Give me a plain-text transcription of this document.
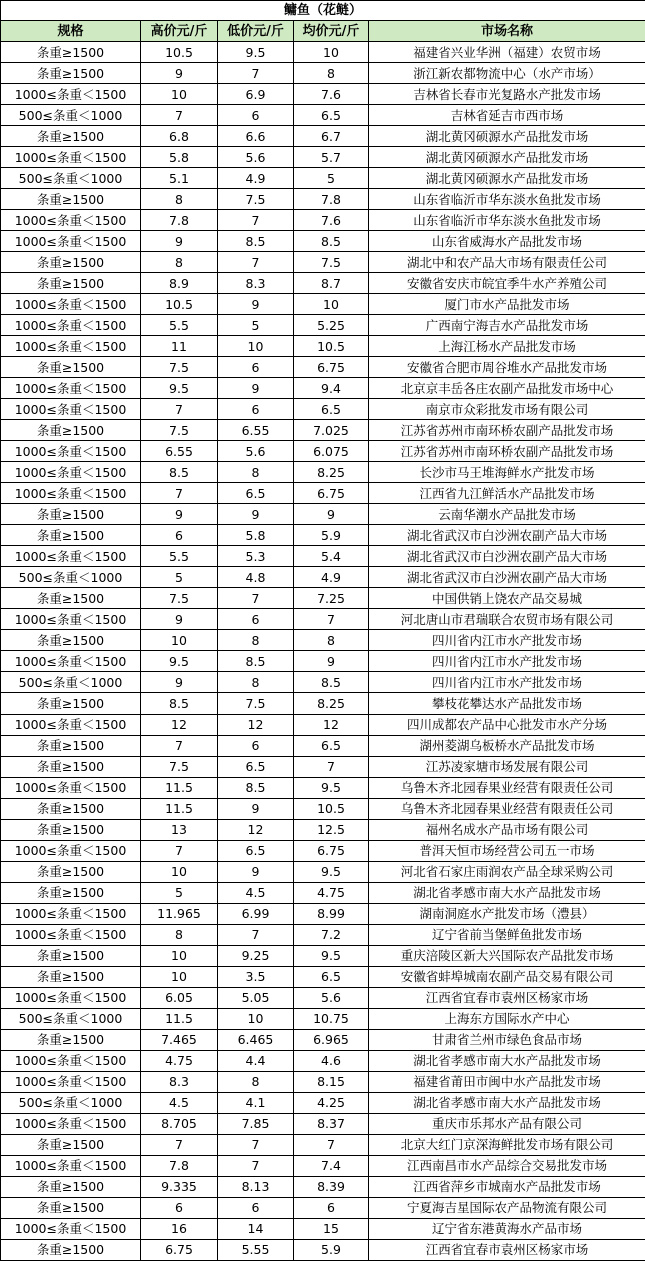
鳙鱼（花鲢）				
规格	高价元/斤	低价元/斤	均价元/斤	市场名称
条重≥1500	10.5	9.5	10	福建省兴业华洲（福建）农贸市场
条重≥1500	9	7	8	浙江新农都物流中心（水产市场）
1000≤条重＜1500	10	6.9	7.6	吉林省长春市光复路水产批发市场
500≤条重＜1000	7	6	6.5	吉林省延吉市西市场
条重≥1500	6.8	6.6	6.7	湖北黄冈硕源水产品批发市场
1000≤条重＜1500	5.8	5.6	5.7	湖北黄冈硕源水产品批发市场
500≤条重＜1000	5.1	4.9	5	湖北黄冈硕源水产品批发市场
条重≥1500	8	7.5	7.8	山东省临沂市华东淡水鱼批发市场
1000≤条重＜1500	7.8	7	7.6	山东省临沂市华东淡水鱼批发市场
1000≤条重＜1500	9	8.5	8.5	山东省威海水产品批发市场
条重≥1500	8	7	7.5	湖北中和农产品大市场有限责任公司
条重≥1500	8.9	8.3	8.7	安徽省安庆市皖宜季牛水产养殖公司
1000≤条重＜1500	10.5	9	10	厦门市水产品批发市场
1000≤条重＜1500	5.5	5	5.25	广西南宁海吉水产品批发市场
1000≤条重＜1500	11	10	10.5	上海江杨水产品批发市场
条重≥1500	7.5	6	6.75	安徽省合肥市周谷堆水产品批发市场
1000≤条重＜1500	9.5	9	9.4	北京京丰岳各庄农副产品批发市场中心
1000≤条重＜1500	7	6	6.5	南京市众彩批发市场有限公司
条重≥1500	7.5	6.55	7.025	江苏省苏州市南环桥农副产品批发市场
1000≤条重＜1500	6.55	5.6	6.075	江苏省苏州市南环桥农副产品批发市场
1000≤条重＜1500	8.5	8	8.25	长沙市马王堆海鲜水产批发市场
1000≤条重＜1500	7	6.5	6.75	江西省九江鲜活水产品批发市场
条重≥1500	9	9	9	云南华潮水产品批发市场
条重≥1500	6	5.8	5.9	湖北省武汉市白沙洲农副产品大市场
1000≤条重＜1500	5.5	5.3	5.4	湖北省武汉市白沙洲农副产品大市场
500≤条重＜1000	5	4.8	4.9	湖北省武汉市白沙洲农副产品大市场
条重≥1500	7.5	7	7.25	中国供销上饶农产品交易城
1000≤条重＜1500	9	6	7	河北唐山市君瑞联合农贸市场有限公司
条重≥1500	10	8	8	四川省内江市水产批发市场
1000≤条重＜1500	9.5	8.5	9	四川省内江市水产批发市场
500≤条重＜1000	9	8	8.5	四川省内江市水产批发市场
条重≥1500	8.5	7.5	8.25	攀枝花攀达水产品批发市场
1000≤条重＜1500	12	12	12	四川成都农产品中心批发市水产分场
条重≥1500	7	6	6.5	湖州菱湖乌板桥水产品批发市场
条重≥1500	7.5	6.5	7	江苏凌家塘市场发展有限公司
1000≤条重＜1500	11.5	8.5	9.5	乌鲁木齐北园春果业经营有限责任公司
条重≥1500	11.5	9	10.5	乌鲁木齐北园春果业经营有限责任公司
条重≥1500	13	12	12.5	福州名成水产品市场有限公司
1000≤条重＜1500	7	6.5	6.75	普洱天恒市场经营公司五一市场
条重≥1500	10	9	9.5	河北省石家庄雨润农产品全球采购公司
条重≥1500	5	4.5	4.75	湖北省孝感市南大水产品批发市场
1000≤条重＜1500	11.965	6.99	8.99	湖南洞庭水产批发市场（澧县）
1000≤条重＜1500	8	7	7.2	辽宁省前当堡鲜鱼批发市场
条重≥1500	10	9.25	9.5	重庆涪陵区新大兴国际农产品批发市场
条重≥1500	10	3.5	6.5	安徽省蚌埠城南农副产品交易有限公司
1000≤条重＜1500	6.05	5.05	5.6	江西省宜春市袁州区杨家市场
500≤条重＜1000	11.5	10	10.75	上海东方国际水产中心
条重≥1500	7.465	6.465	6.965	甘肃省兰州市绿色食品市场
1000≤条重＜1500	4.75	4.4	4.6	湖北省孝感市南大水产品批发市场
1000≤条重＜1500	8.3	8	8.15	福建省莆田市闽中水产品批发市场
500≤条重＜1000	4.5	4.1	4.25	湖北省孝感市南大水产品批发市场
1000≤条重＜1500	8.705	7.85	8.37	重庆市乐邦水产品有限公司
条重≥1500	7	7	7	北京大红门京深海鲜批发市场有限公司
1000≤条重＜1500	7.8	7	7.4	江西南昌市水产品综合交易批发市场
条重≥1500	9.335	8.13	8.39	江西省萍乡市城南水产品批发市场
条重≥1500	6	6	6	宁夏海吉星国际农产品物流有限公司
1000≤条重＜1500	16	14	15	辽宁省东港黄海水产品市场
条重≥1500	6.75	5.55	5.9	江西省宜春市袁州区杨家市场
